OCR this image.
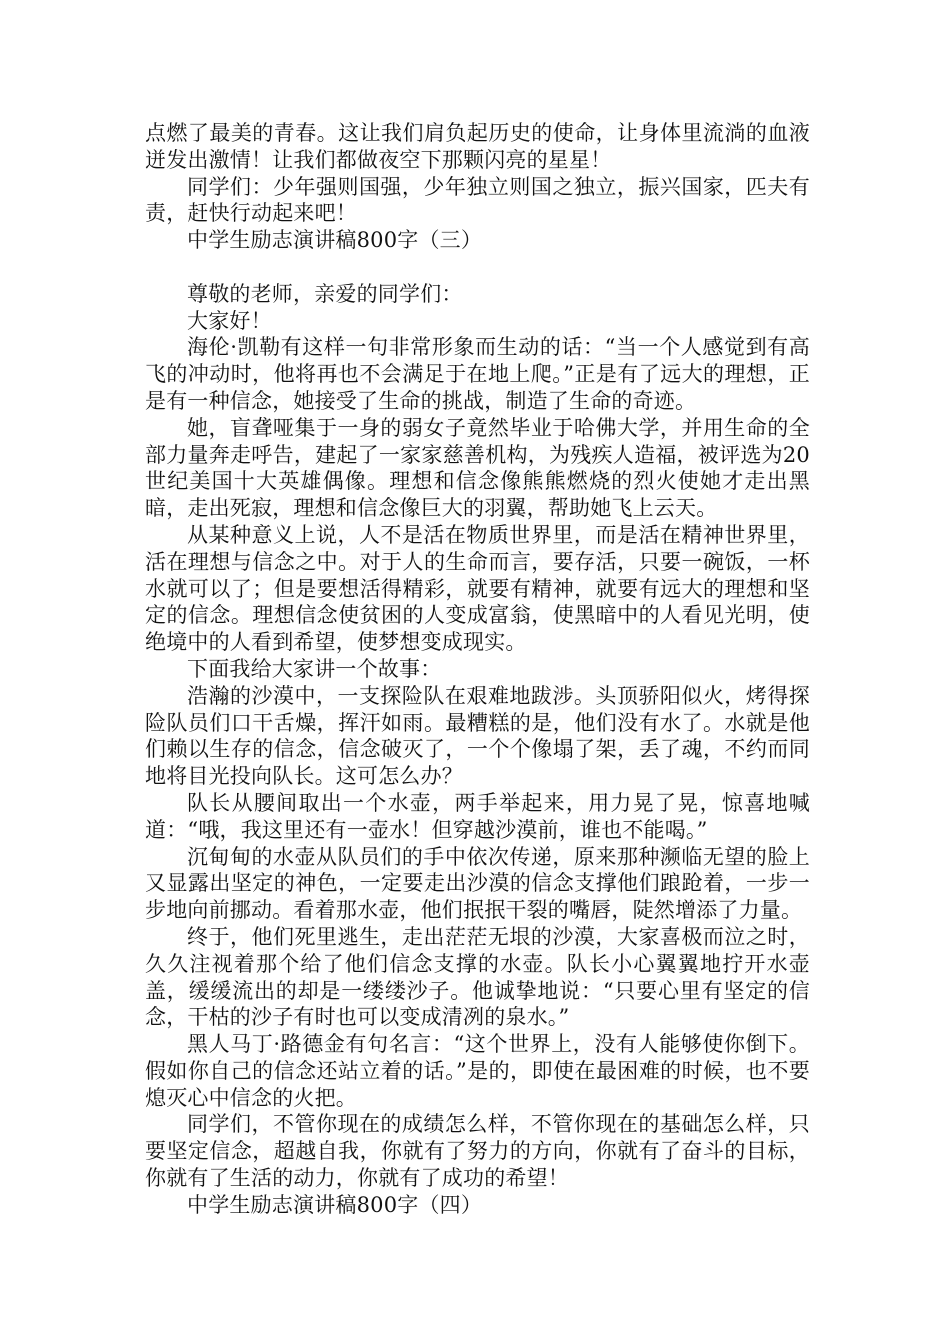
点燃了最美的青春。这让我们肩负起历史的使命，让身体里流淌的血液迸发出激情！让我们都做夜空下那颗闪亮的星星！

同学们：少年强则国强，少年独立则国之独立，振兴国家，匹夫有责，赶快行动起来吧！

中学生励志演讲稿800字（三）

尊敬的老师，亲爱的同学们：

大家好！

海伦·凯勒有这样一句非常形象而生动的话：“当一个人感觉到有高飞的冲动时，他将再也不会满足于在地上爬。”正是有了远大的理想，正是有一种信念，她接受了生命的挑战，制造了生命的奇迹。

她，盲聋哑集于一身的弱女子竟然毕业于哈佛大学，并用生命的全部力量奔走呼告，建起了一家家慈善机构，为残疾人造福，被评选为20世纪美国十大英雄偶像。理想和信念像熊熊燃烧的烈火使她才走出黑暗，走出死寂，理想和信念像巨大的羽翼，帮助她飞上云天。

从某种意义上说，人不是活在物质世界里，而是活在精神世界里，活在理想与信念之中。对于人的生命而言，要存活，只要一碗饭，一杯水就可以了；但是要想活得精彩，就要有精神，就要有远大的理想和坚定的信念。理想信念使贫困的人变成富翁，使黑暗中的人看见光明，使绝境中的人看到希望，使梦想变成现实。

下面我给大家讲一个故事：

浩瀚的沙漠中，一支探险队在艰难地跋涉。头顶骄阳似火，烤得探险队员们口干舌燥，挥汗如雨。最糟糕的是，他们没有水了。水就是他们赖以生存的信念，信念破灭了，一个个像塌了架，丢了魂，不约而同地将目光投向队长。这可怎么办？

队长从腰间取出一个水壶，两手举起来，用力晃了晃，惊喜地喊道：“哦，我这里还有一壶水！但穿越沙漠前，谁也不能喝。”

沉甸甸的水壶从队员们的手中依次传递，原来那种濒临无望的脸上又显露出坚定的神色，一定要走出沙漠的信念支撑他们踉跄着，一步一步地向前挪动。看着那水壶，他们抿抿干裂的嘴唇，陡然增添了力量。

终于，他们死里逃生，走出茫茫无垠的沙漠，大家喜极而泣之时，久久注视着那个给了他们信念支撑的水壶。队长小心翼翼地拧开水壶盖，缓缓流出的却是一缕缕沙子。他诚挚地说：“只要心里有坚定的信念，干枯的沙子有时也可以变成清冽的泉水。”

黑人马丁·路德金有句名言：“这个世界上，没有人能够使你倒下。假如你自己的信念还站立着的话。”是的，即使在最困难的时候，也不要熄灭心中信念的火把。

同学们，不管你现在的成绩怎么样，不管你现在的基础怎么样，只要坚定信念，超越自我，你就有了努力的方向，你就有了奋斗的目标，你就有了生活的动力，你就有了成功的希望！

中学生励志演讲稿800字（四）
